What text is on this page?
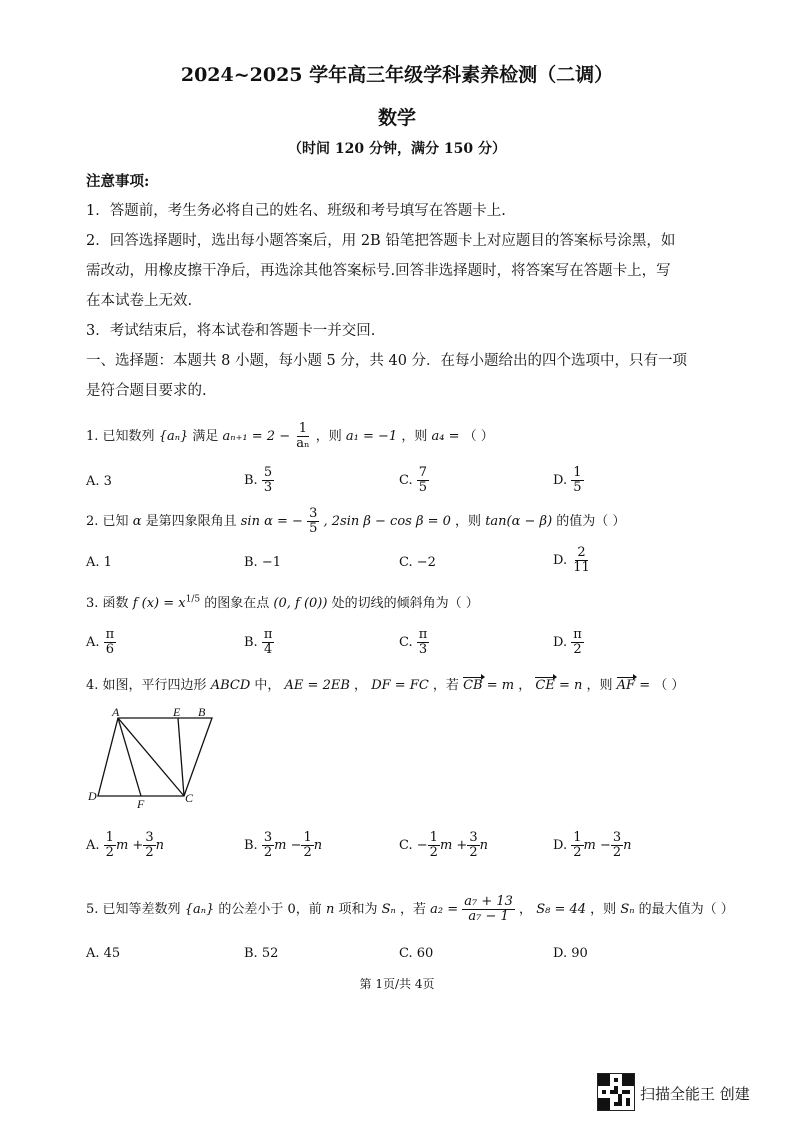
2024~2025 学年高三年级学科素养检测（二调）
数学
（时间 120 分钟，满分 150 分）
注意事项:
1．答题前，考生务必将自己的姓名、班级和考号填写在答题卡上.
2．回答选择题时，选出每小题答案后，用 2B 铅笔把答题卡上对应题目的答案标号涂黑，如
需改动，用橡皮擦干净后，再选涂其他答案标号.回答非选择题时，将答案写在答题卡上，写
在本试卷上无效.
3．考试结束后，将本试卷和答题卡一并交回.
一、选择题：本题共 8 小题，每小题 5 分，共 40 分．在每小题给出的四个选项中，只有一项
是符合题目要求的.
1. 已知数列 {aₙ} 满足 $a_{n+1} = 2 - \frac{1}{\text{aₙ}}$ ，则 a₁ = −1 ，则 a₄ = （ ）
A. 3	B. $\frac{5}{3}$	C. $\frac{7}{5}$	D. $\frac{1}{5}$
2. 已知 α 是第四象限角且 sin α = − $\frac{3}{5}$ , 2sin β − cos β = 0 ，则 tan(α − β) 的值为（ ）
A. 1	B. −1	C. −2	D. $\frac{2}{11}$
3. 函数 f $(x) = x^{1/5}$ 的图象在点 (0, f (0)) 处的切线的倾斜角为（ ）
A. $\frac{\pi}{6}$	B. $\frac{\pi}{4}$	C. $\frac{\pi}{3}$	D. $\frac{\pi}{2}$
4. 如图，平行四边形 ABCD 中， AE = 2EB ， DF = FC ，若 CB = m ， CE = n ，则 AF = （ ）
A	E B
D
F	C
A. $\frac{1}{2}$ $m + \frac{3}{2}$ n	B. $\frac{3}{2}$ $m - \frac{1}{2}$ n	C. − $\frac{1}{2}$ $m + \frac{3}{2}$ n	D. $\frac{1}{2}$ $m - \frac{3}{2}$ n
5. 已知等差数列 {aₙ} 的公差小于 0，前 n 项和为 Sₙ ，若 $a_2 = \frac{\text{a₇ + 13}}{\text{a₇ − 1}}$ ， S₈ = 44 ，则 Sₙ 的最大值为（ ）
A. 45	B. 52	C. 60	D. 90
第 1页/共 4页
扫描全能王 创建
